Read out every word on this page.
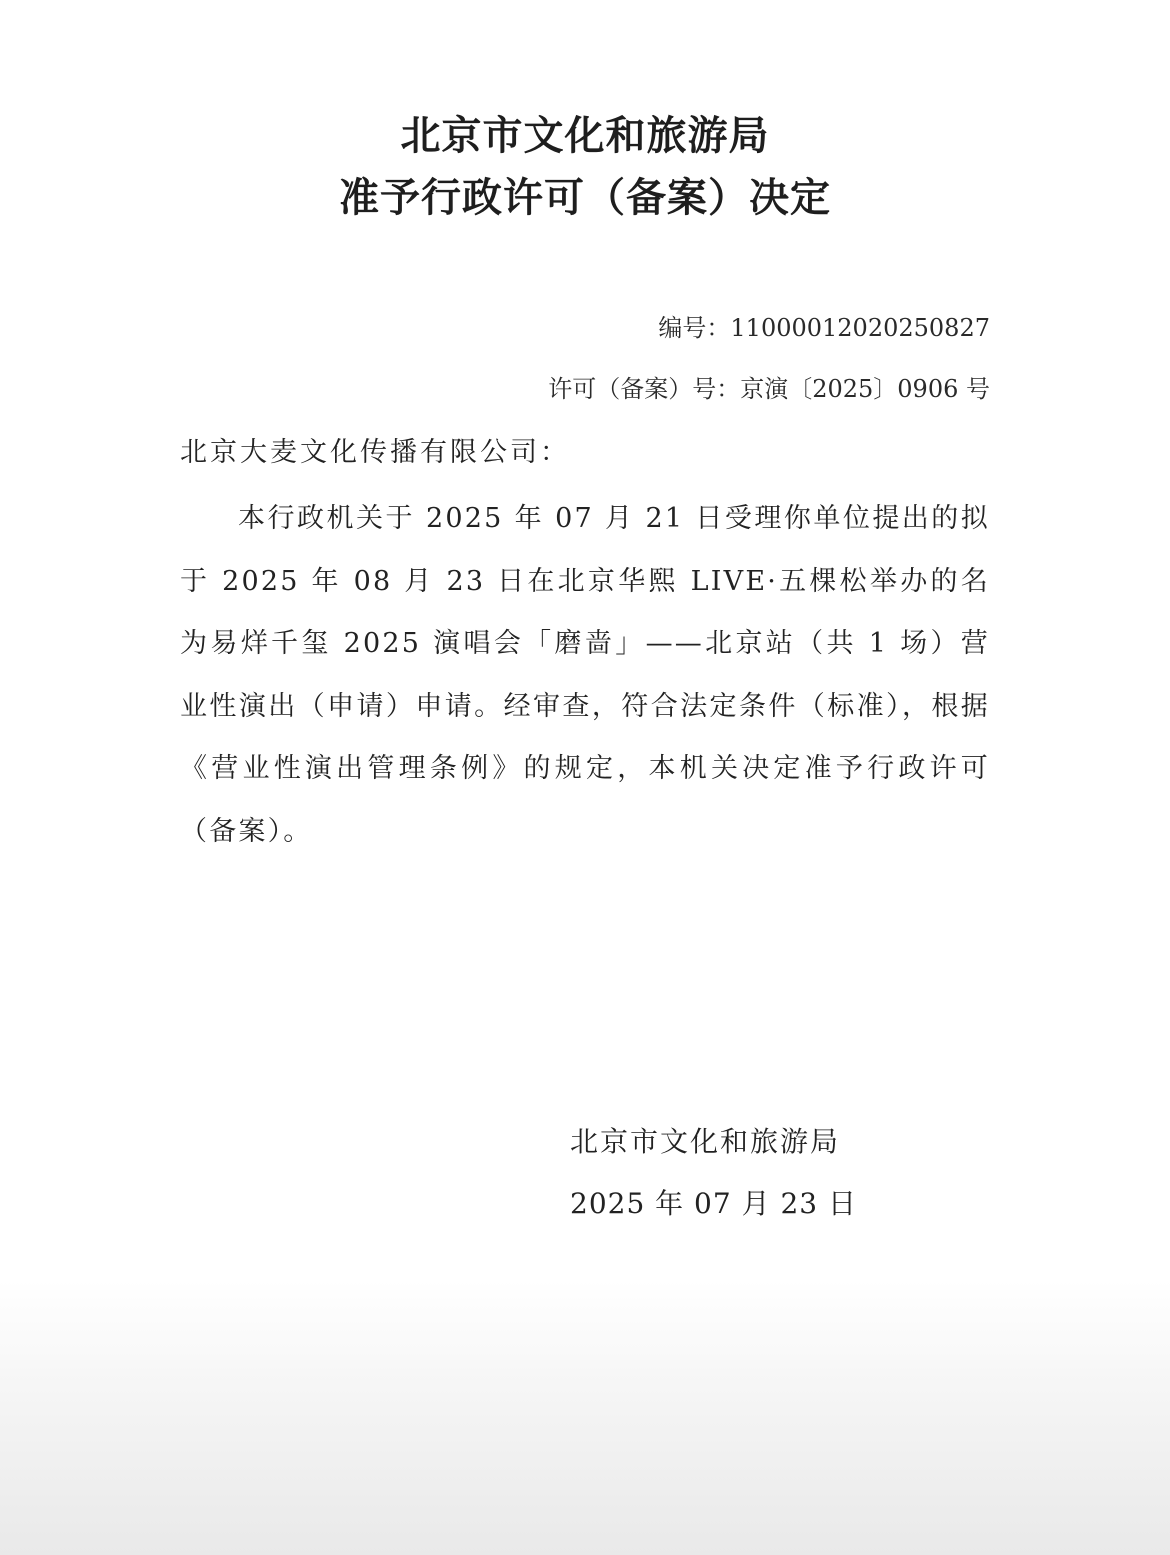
北京市文化和旅游局
准予行政许可（备案）决定
编号：11000012020250827
许可（备案）号：京演〔2025〕0906 号
北京大麦文化传播有限公司：

本行政机关于 2025 年 07 月 21 日受理你单位提出的拟于 2025 年 08 月 23 日在北京华熙 LIVE·五棵松举办的名为易烊千玺 2025 演唱会「磨啬」——北京站（共 1 场）营业性演出（申请）申请。经审查，符合法定条件（标准），根据《营业性演出管理条例》的规定，本机关决定准予行政许可（备案）。

北京市文化和旅游局
2025 年 07 月 23 日
